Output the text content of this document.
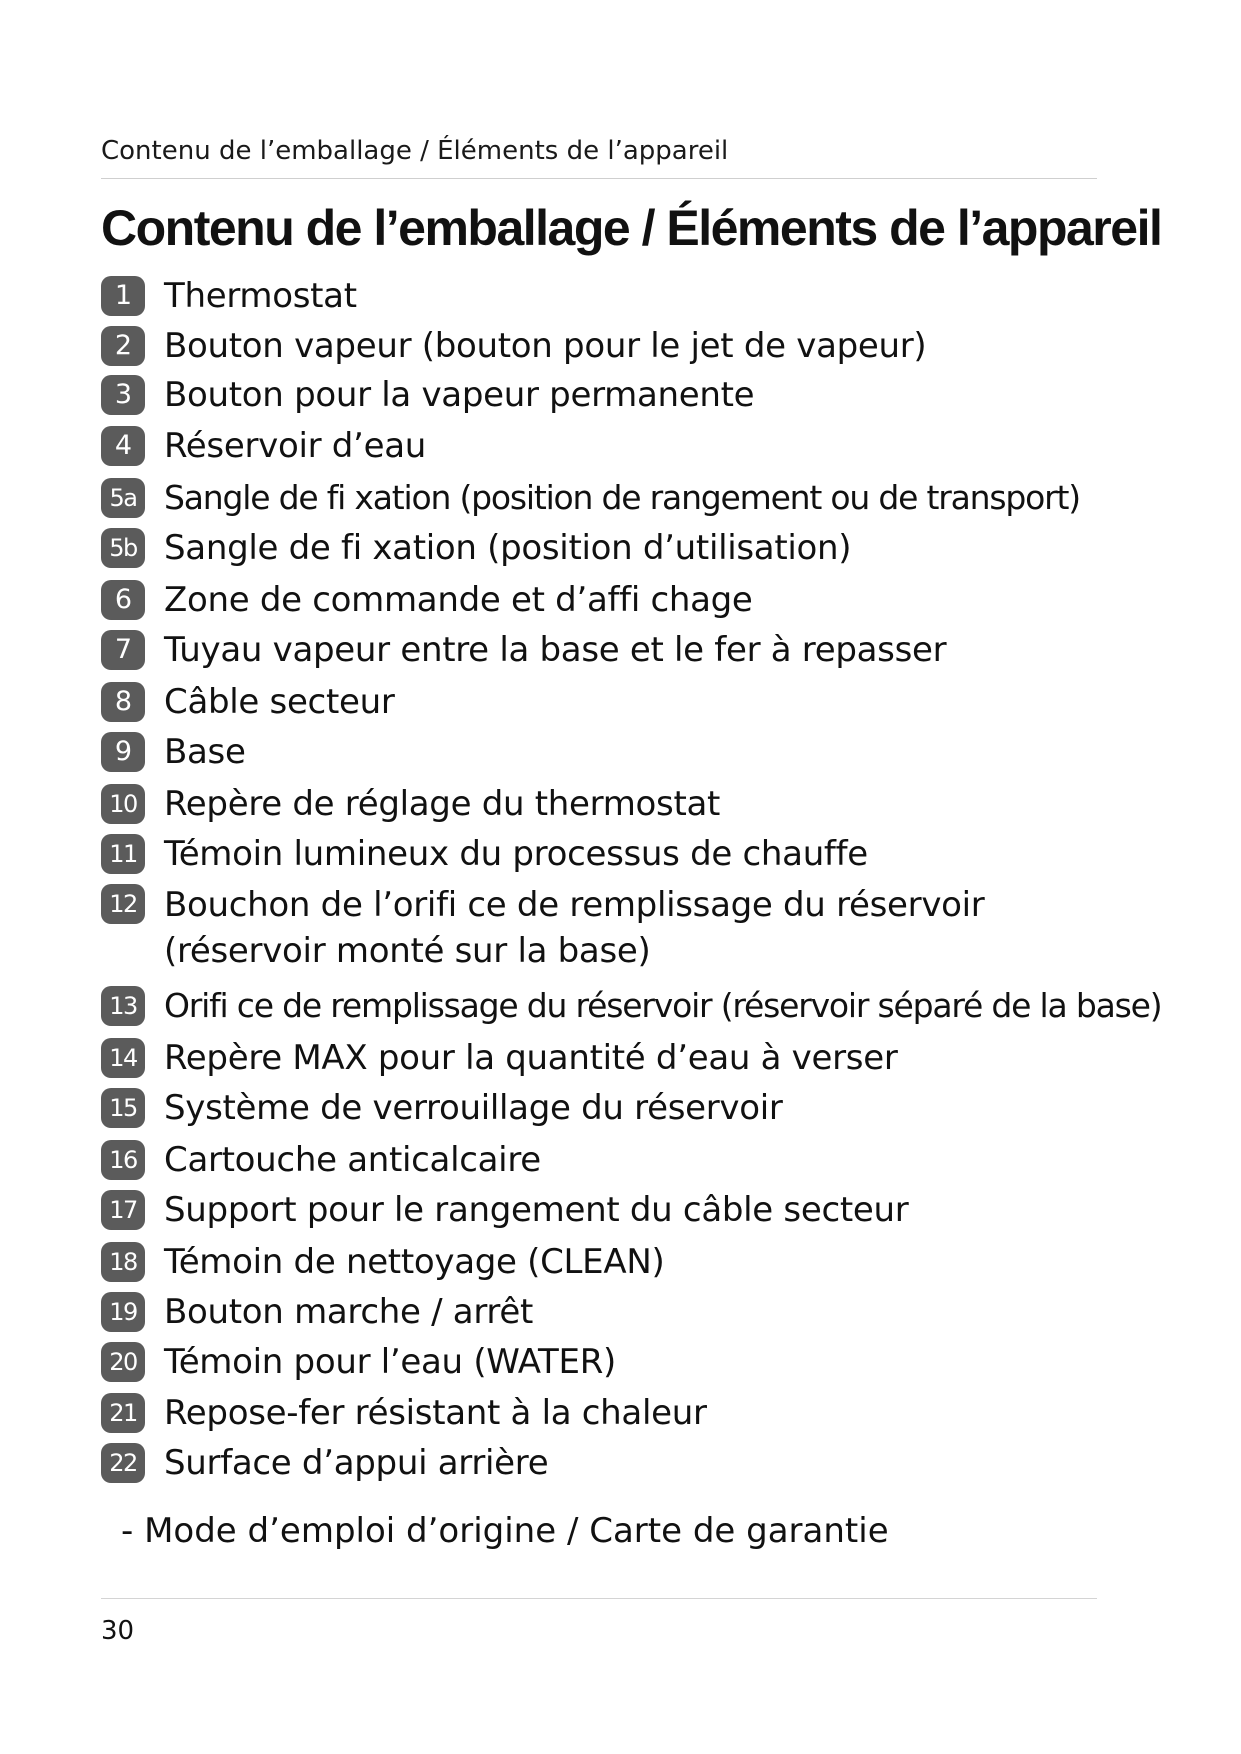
Contenu de l’emballage / Éléments de l’appareil
Contenu de l’emballage / Éléments de l’appareil
1 Thermostat
2 Bouton vapeur (bouton pour le jet de vapeur)
3 Bouton pour la vapeur permanente
4 Réservoir d’eau
5a Sangle de fi xation (position de rangement ou de transport)
5b Sangle de fi xation (position d’utilisation)
6 Zone de commande et d’affi chage
7 Tuyau vapeur entre la base et le fer à repasser
8 Câble secteur
9 Base
10 Repère de réglage du thermostat
11 Témoin lumineux du processus de chauffe
12 Bouchon de l’orifi ce de remplissage du réservoir (réservoir monté sur la base)
13 Orifi ce de remplissage du réservoir (réservoir séparé de la base)
14 Repère MAX pour la quantité d’eau à verser
15 Système de verrouillage du réservoir
16 Cartouche anticalcaire
17 Support pour le rangement du câble secteur
18 Témoin de nettoyage (CLEAN)
19 Bouton marche / arrêt
20 Témoin pour l’eau (WATER)
21 Repose-fer résistant à la chaleur
22 Surface d’appui arrière
- Mode d’emploi d’origine / Carte de garantie
30
